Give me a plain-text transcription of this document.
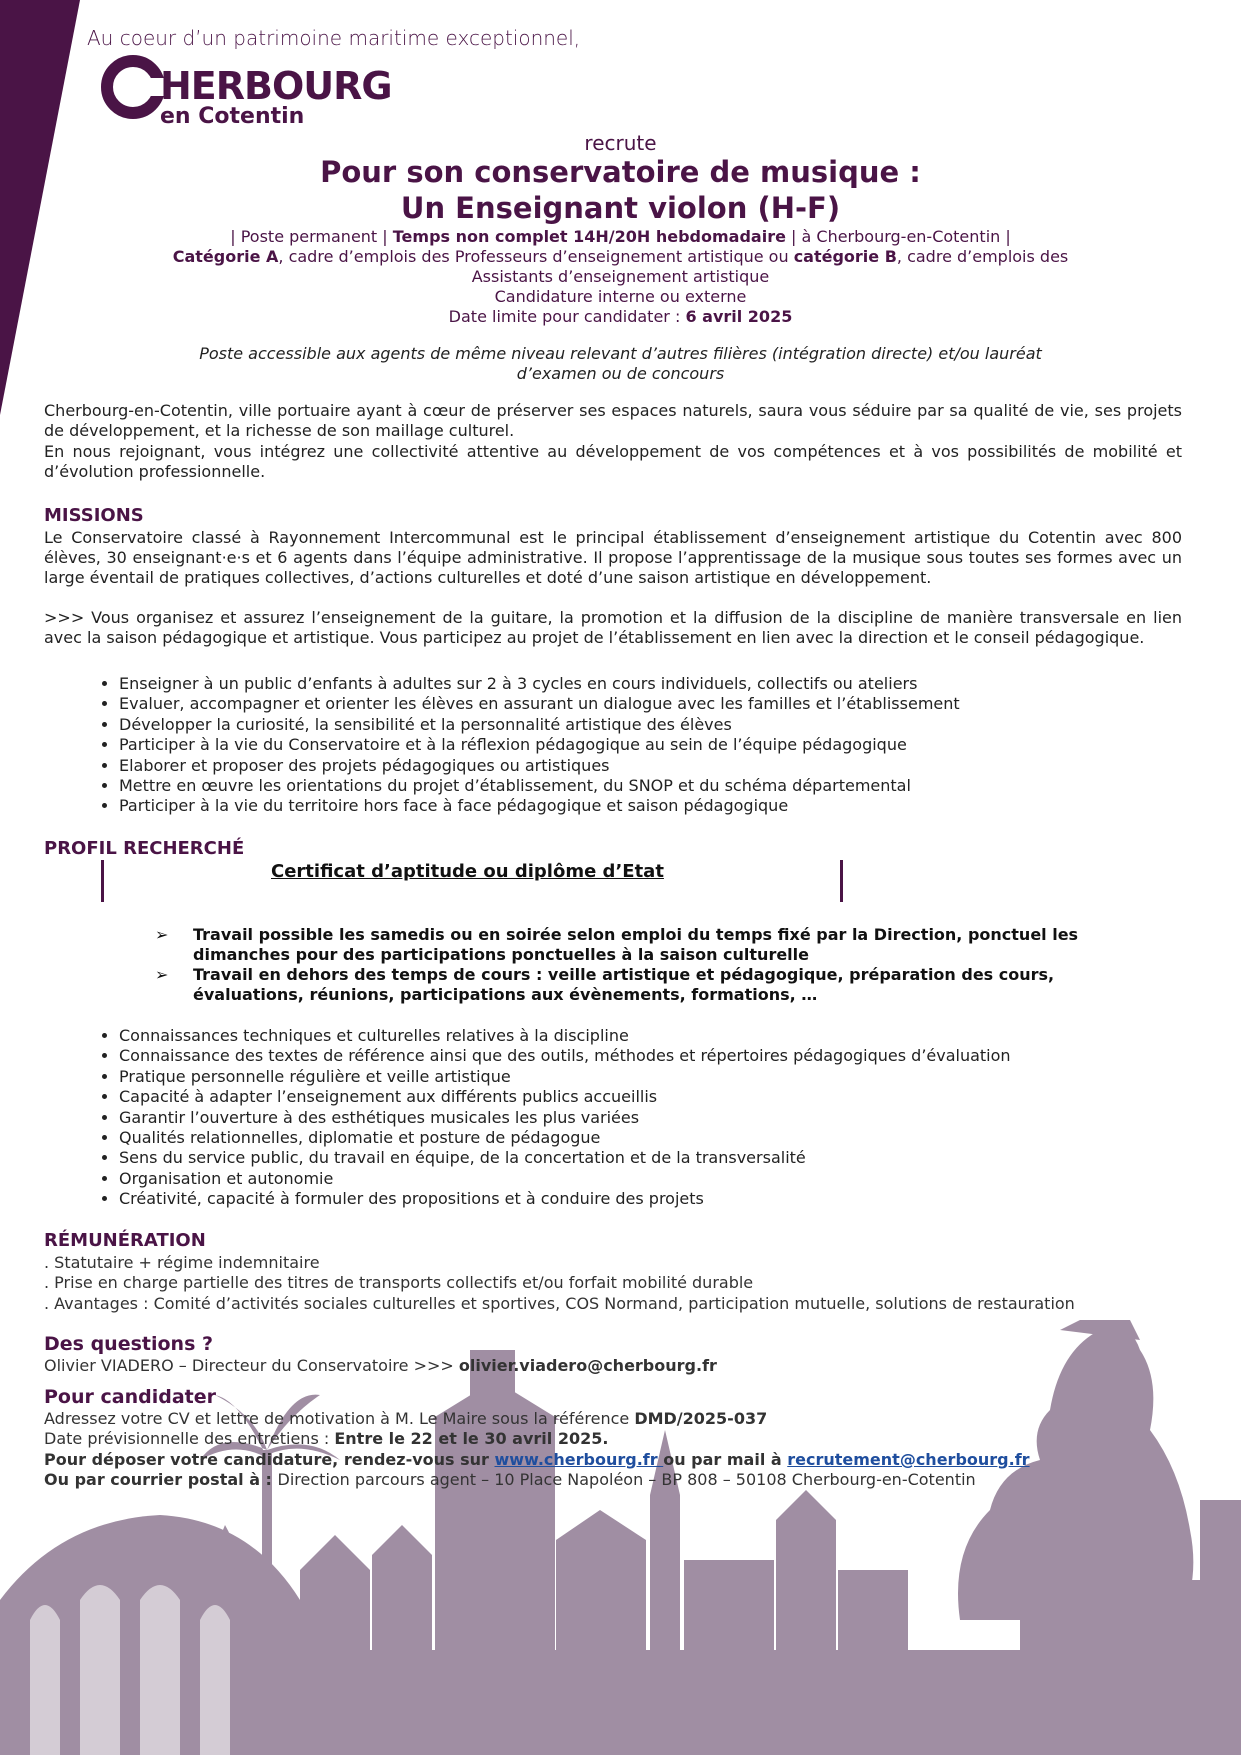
Au coeur d’un patrimoine maritime exceptionnel,
HERBOURG
en Cotentin
recrute
Pour son conservatoire de musique :
Un Enseignant violon (H-F)
| Poste permanent | Temps non complet 14H/20H hebdomadaire | à Cherbourg-en-Cotentin |
Catégorie A, cadre d’emplois des Professeurs d’enseignement artistique ou catégorie B, cadre d’emplois des
Assistants d’enseignement artistique
Candidature interne ou externe
Date limite pour candidater : 6 avril 2025
Poste accessible aux agents de même niveau relevant d’autres filières (intégration directe) et/ou lauréat
d’examen ou de concours
Cherbourg-en-Cotentin, ville portuaire ayant à cœur de préserver ses espaces naturels, saura vous séduire par sa qualité de vie, ses projets de développement, et la richesse de son maillage culturel.
En nous rejoignant, vous intégrez une collectivité attentive au développement de vos compétences et à vos possibilités de mobilité et d’évolution professionnelle.
MISSIONS
Le Conservatoire classé à Rayonnement Intercommunal est le principal établissement d’enseignement artistique du Cotentin avec 800 élèves, 30 enseignant·e·s et 6 agents dans l’équipe administrative. Il propose l’apprentissage de la musique sous toutes ses formes avec un large éventail de pratiques collectives, d’actions culturelles et doté d’une saison artistique en développement.
>>> Vous organisez et assurez l’enseignement de la guitare, la promotion et la diffusion de la discipline de manière transversale en lien avec la saison pédagogique et artistique. Vous participez au projet de l’établissement en lien avec la direction et le conseil pédagogique.
• Enseigner à un public d’enfants à adultes sur 2 à 3 cycles en cours individuels, collectifs ou ateliers
• Evaluer, accompagner et orienter les élèves en assurant un dialogue avec les familles et l’établissement
• Développer la curiosité, la sensibilité et la personnalité artistique des élèves
• Participer à la vie du Conservatoire et à la réflexion pédagogique au sein de l’équipe pédagogique
• Elaborer et proposer des projets pédagogiques ou artistiques
• Mettre en œuvre les orientations du projet d’établissement, du SNOP et du schéma départemental
• Participer à la vie du territoire hors face à face pédagogique et saison pédagogique
PROFIL RECHERCHÉ
Certificat d’aptitude ou diplôme d’Etat
➢ Travail possible les samedis ou en soirée selon emploi du temps fixé par la Direction, ponctuel les dimanches pour des participations ponctuelles à la saison culturelle
➢ Travail en dehors des temps de cours : veille artistique et pédagogique, préparation des cours, évaluations, réunions, participations aux évènements, formations, …
• Connaissances techniques et culturelles relatives à la discipline
• Connaissance des textes de référence ainsi que des outils, méthodes et répertoires pédagogiques d’évaluation
• Pratique personnelle régulière et veille artistique
• Capacité à adapter l’enseignement aux différents publics accueillis
• Garantir l’ouverture à des esthétiques musicales les plus variées
• Qualités relationnelles, diplomatie et posture de pédagogue
• Sens du service public, du travail en équipe, de la concertation et de la transversalité
• Organisation et autonomie
• Créativité, capacité à formuler des propositions et à conduire des projets
RÉMUNÉRATION
. Statutaire + régime indemnitaire
. Prise en charge partielle des titres de transports collectifs et/ou forfait mobilité durable
. Avantages : Comité d’activités sociales culturelles et sportives, COS Normand, participation mutuelle, solutions de restauration
Des questions ?
Olivier VIADERO – Directeur du Conservatoire >>> olivier.viadero@cherbourg.fr
Pour candidater
Adressez votre CV et lettre de motivation à M. Le Maire sous la référence DMD/2025-037
Date prévisionnelle des entretiens : Entre le 22 et le 30 avril 2025.
Pour déposer votre candidature, rendez-vous sur www.cherbourg.fr ou par mail à recrutement@cherbourg.fr
Ou par courrier postal à : Direction parcours agent – 10 Place Napoléon – BP 808 – 50108 Cherbourg-en-Cotentin
